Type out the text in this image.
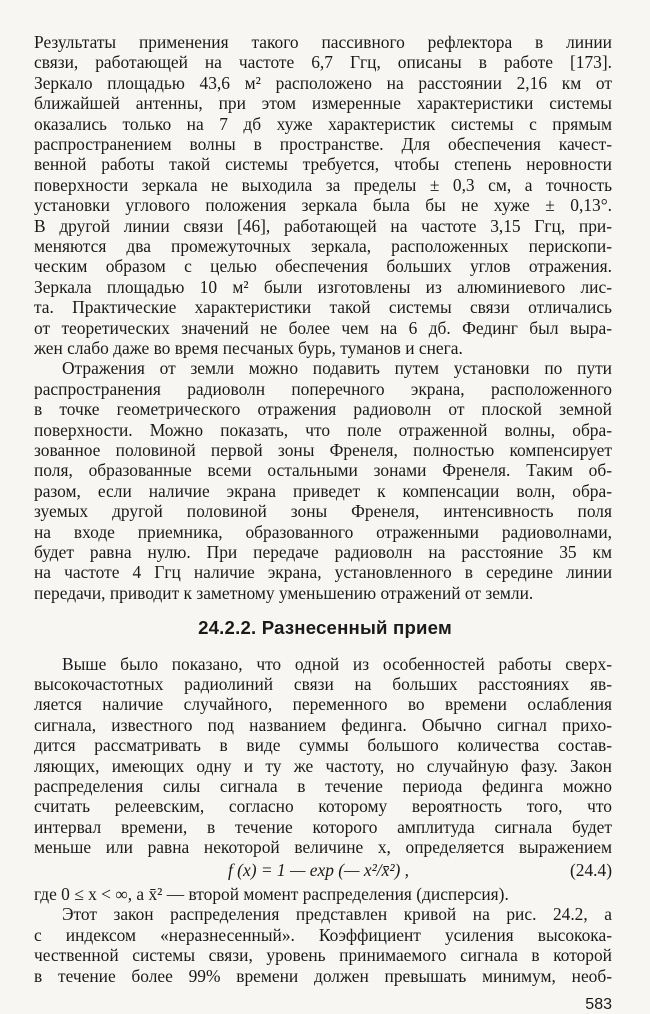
Результаты применения такого пассивного рефлектора в линии
связи, работающей на частоте 6,7 Ггц, описаны в работе [173].
Зеркало площадью 43,6 м² расположено на расстоянии 2,16 км от
ближайшей антенны, при этом измеренные характеристики системы
оказались только на 7 дб хуже характеристик системы с прямым
распространением волны в пространстве. Для обеспечения качест-
венной работы такой системы требуется, чтобы степень неровности
поверхности зеркала не выходила за пределы ± 0,3 см, а точность
установки углового положения зеркала была бы не хуже ± 0,13°.
В другой линии связи [46], работающей на частоте 3,15 Ггц, при-
меняются два промежуточных зеркала, расположенных перископи-
ческим образом с целью обеспечения больших углов отражения.
Зеркала площадью 10 м² были изготовлены из алюминиевого лис-
та. Практические характеристики такой системы связи отличались
от теоретических значений не более чем на 6 дб. Фединг был выра-
жен слабо даже во время песчаных бурь, туманов и снега.
Отражения от земли можно подавить путем установки по пути
распространения радиоволн поперечного экрана, расположенного
в точке геометрического отражения радиоволн от плоской земной
поверхности. Можно показать, что поле отраженной волны, обра-
зованное половиной первой зоны Френеля, полностью компенсирует
поля, образованные всеми остальными зонами Френеля. Таким об-
разом, если наличие экрана приведет к компенсации волн, обра-
зуемых другой половиной зоны Френеля, интенсивность поля
на входе приемника, образованного отраженными радиоволнами,
будет равна нулю. При передаче радиоволн на расстояние 35 км
на частоте 4 Ггц наличие экрана, установленного в середине линии
передачи, приводит к заметному уменьшению отражений от земли.
24.2.2. Разнесенный прием
Выше было показано, что одной из особенностей работы сверх-
высокочастотных радиолиний связи на больших расстояниях яв-
ляется наличие случайного, переменного во времени ослабления
сигнала, известного под названием фединга. Обычно сигнал прихо-
дится рассматривать в виде суммы большого количества состав-
ляющих, имеющих одну и ту же частоту, но случайную фазу. Закон
распределения силы сигнала в течение периода фединга можно
считать релеевским, согласно которому вероятность того, что
интервал времени, в течение которого амплитуда сигнала будет
меньше или равна некоторой величине x, определяется выражением
f (x) = 1 — exp (— x²/x̄²) ,	(24.4)
где 0 ≤ x < ∞, а x̄² — второй момент распределения (дисперсия).
Этот закон распределения представлен кривой на рис. 24.2, а
с индексом «неразнесенный». Коэффициент усиления высокока-
чественной системы связи, уровень принимаемого сигнала в которой
в течение более 99% времени должен превышать минимум, необ-
583
